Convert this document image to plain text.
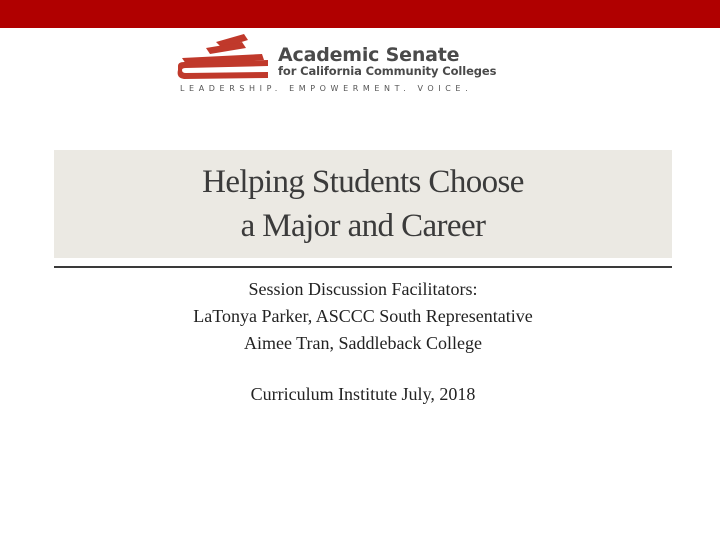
Academic Senate
for California Community Colleges
LEADERSHIP. EMPOWERMENT. VOICE.
Helping Students Choose
a Major and Career
Session Discussion Facilitators:
LaTonya Parker, ASCCC South Representative
Aimee Tran, Saddleback College
Curriculum Institute July, 2018
